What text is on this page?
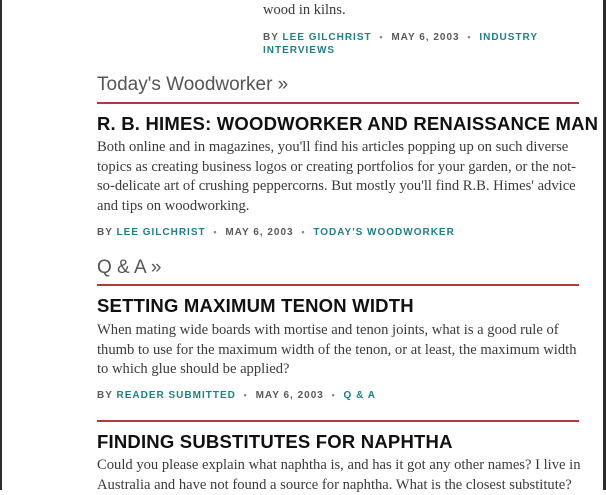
wood in kilns.
BY LEE GILCHRIST • MAY 6, 2003 • INDUSTRY
INTERVIEWS
Today's Woodworker »
R. B. HIMES: WOODWORKER AND RENAISSANCE MAN

Both online and in magazines, you'll find his articles popping up on such diverse topics as creating business logos or creating portfolios for your garden, or the not-so-delicate art of crushing peppercorns. But mostly you'll find R.B. Himes' advice and tips on woodworking.

BY LEE GILCHRIST • MAY 6, 2003 • TODAY'S WOODWORKER
Q & A »
SETTING MAXIMUM TENON WIDTH

When mating wide boards with mortise and tenon joints, what is a good rule of thumb to use for the maximum width of the tenon, or at least, the maximum width to which glue should be applied?

BY READER SUBMITTED • MAY 6, 2003 • Q & A
FINDING SUBSTITUTES FOR NAPHTHA

Could you please explain what naphtha is, and has it got any other names? I live in Australia and have not found a source for naphtha. What is the closest substitute?
